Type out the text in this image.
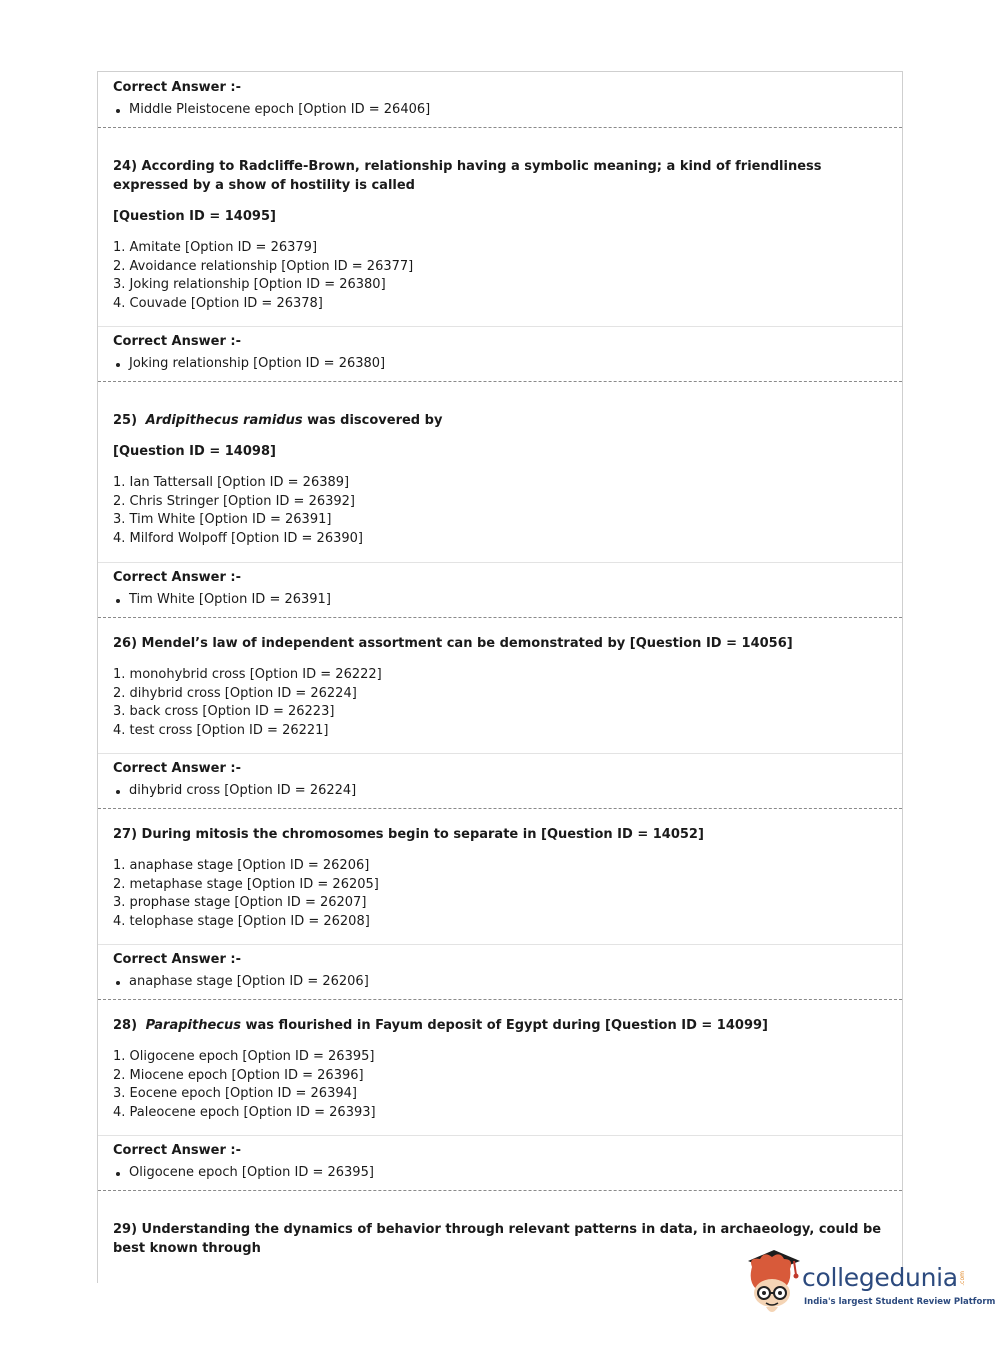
Correct Answer :-

Middle Pleistocene epoch [Option ID = 26406]

24) According to Radcliffe-Brown, relationship having a symbolic meaning; a kind of friendliness expressed by a show of hostility is called

[Question ID = 14095]

1. Amitate [Option ID = 26379]
2. Avoidance relationship [Option ID = 26377]
3. Joking relationship [Option ID = 26380]
4. Couvade [Option ID = 26378]

Correct Answer :-

Joking relationship [Option ID = 26380]

25) Ardipithecus ramidus was discovered by

[Question ID = 14098]

1. Ian Tattersall [Option ID = 26389]
2. Chris Stringer [Option ID = 26392]
3. Tim White [Option ID = 26391]
4. Milford Wolpoff [Option ID = 26390]

Correct Answer :-

Tim White [Option ID = 26391]

26) Mendel’s law of independent assortment can be demonstrated by [Question ID = 14056]

1. monohybrid cross [Option ID = 26222]
2. dihybrid cross [Option ID = 26224]
3. back cross [Option ID = 26223]
4. test cross [Option ID = 26221]

Correct Answer :-

dihybrid cross [Option ID = 26224]

27) During mitosis the chromosomes begin to separate in [Question ID = 14052]

1. anaphase stage [Option ID = 26206]
2. metaphase stage [Option ID = 26205]
3. prophase stage [Option ID = 26207]
4. telophase stage [Option ID = 26208]

Correct Answer :-

anaphase stage [Option ID = 26206]

28) Parapithecus was flourished in Fayum deposit of Egypt during [Question ID = 14099]

1. Oligocene epoch [Option ID = 26395]
2. Miocene epoch [Option ID = 26396]
3. Eocene epoch [Option ID = 26394]
4. Paleocene epoch [Option ID = 26393]

Correct Answer :-

Oligocene epoch [Option ID = 26395]

29) Understanding the dynamics of behavior through relevant patterns in data, in archaeology, could be best known through

collegedunia .com
India's largest Student Review Platform
